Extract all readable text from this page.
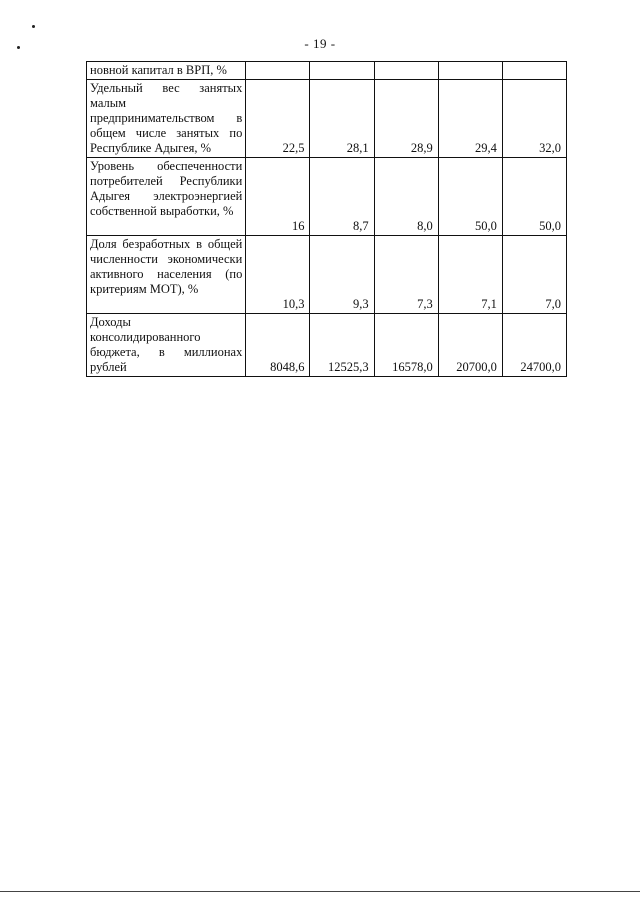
- 19 -
новной капитал в ВРП, %					
Удельный вес занятых малым предпринимательством в общем числе занятых по Республике Адыгея, %	22,5	28,1	28,9	29,4	32,0
Уровень обеспеченности потребителей Республики Адыгея электроэнергией собственной выработки, %	16	8,7	8,0	50,0	50,0
Доля безработных в общей численности экономически активного населения (по критериям МОТ), %	10,3	9,3	7,3	7,1	7,0
Доходы консолидированного бюджета, в миллионах рублей	8048,6	12525,3	16578,0	20700,0	24700,0
